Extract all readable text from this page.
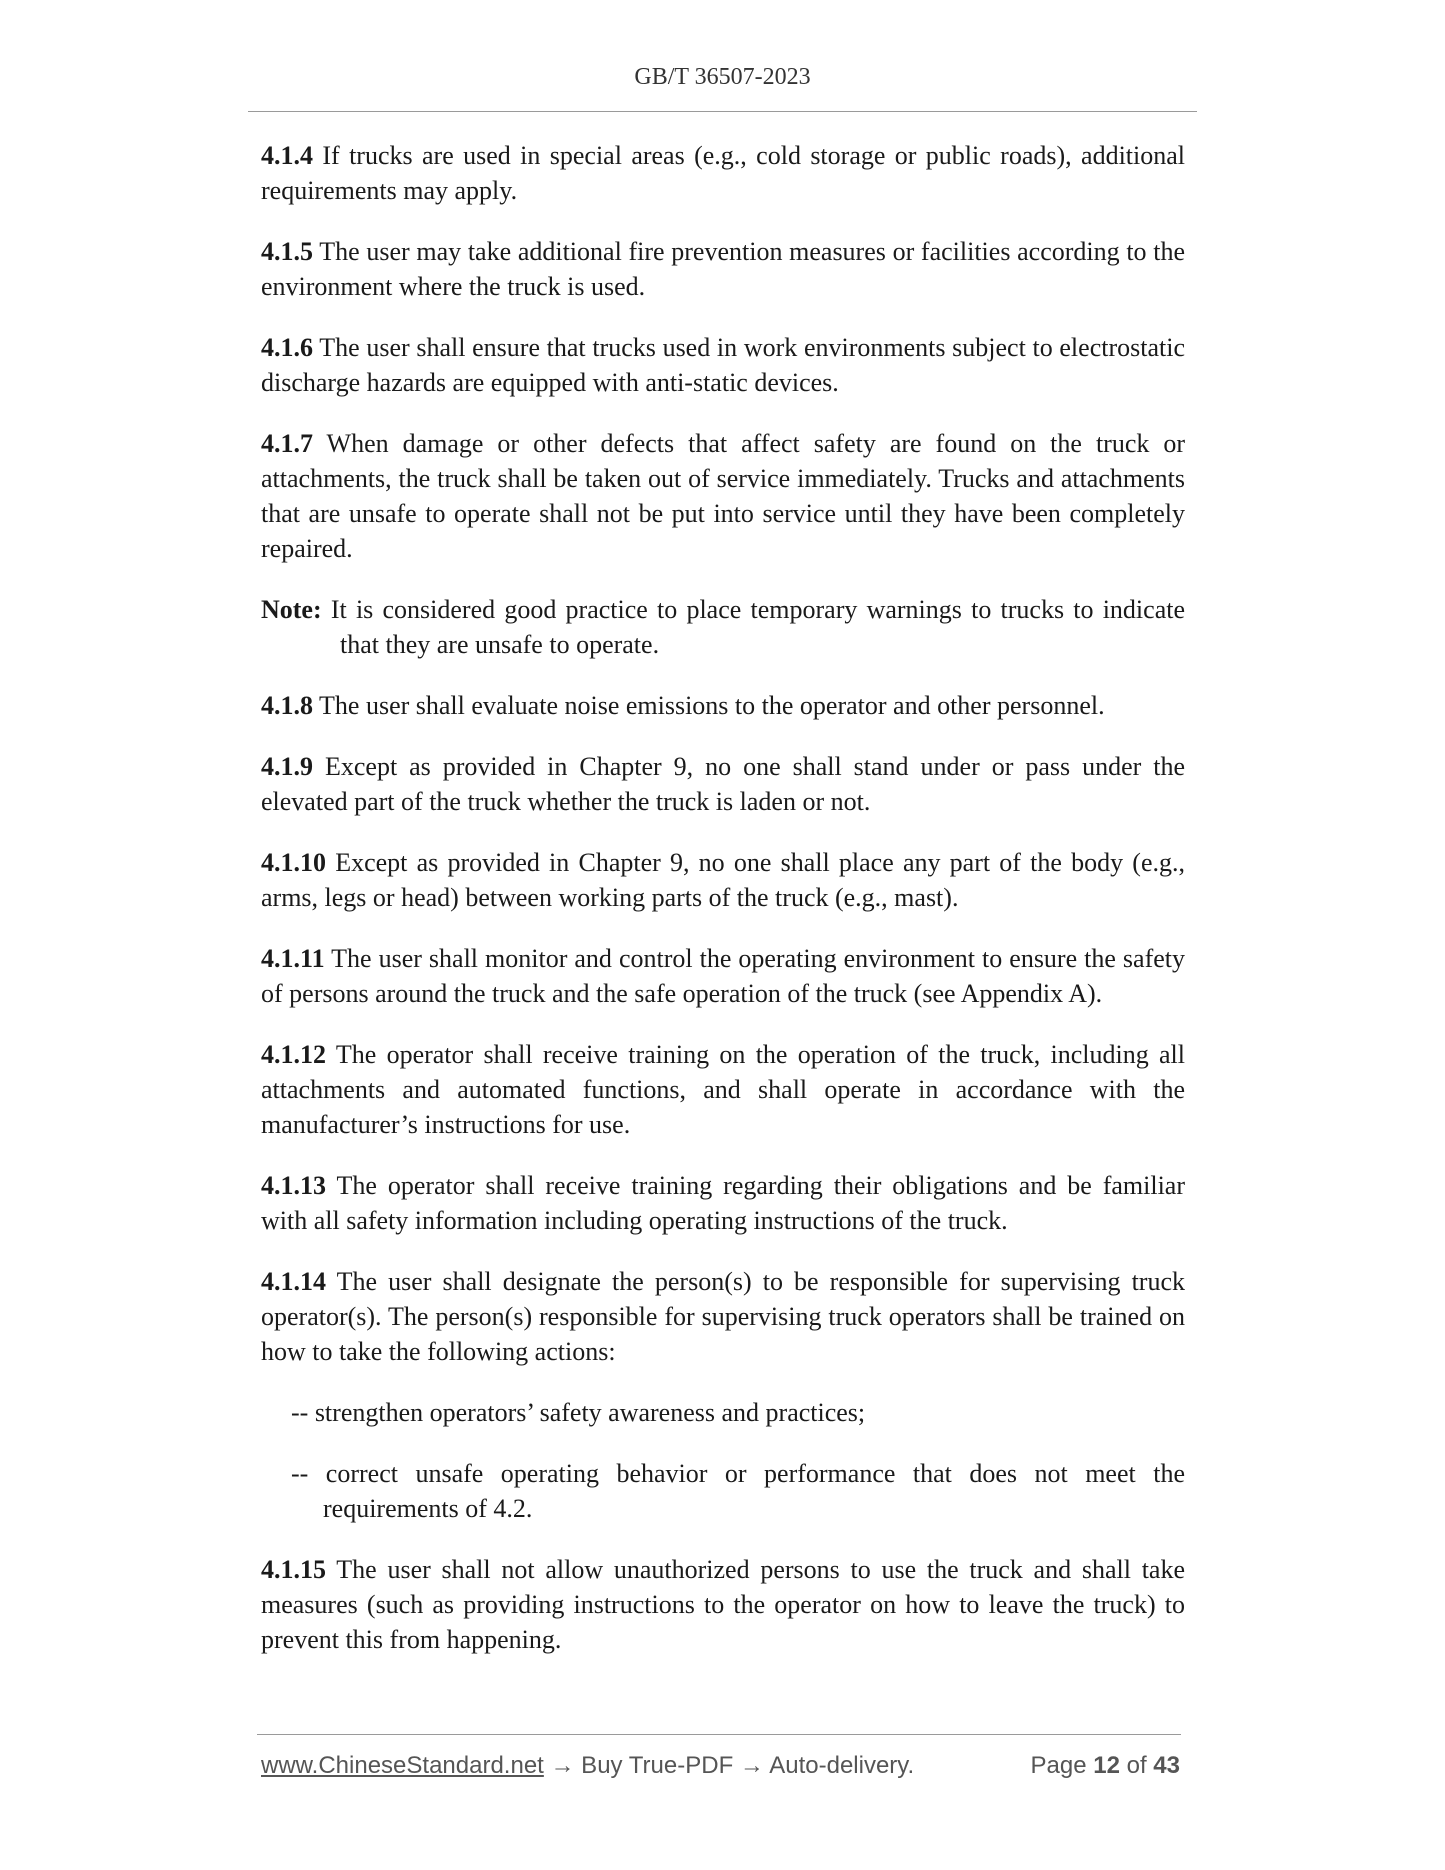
GB/T 36507-2023

4.1.4 If trucks are used in special areas (e.g., cold storage or public roads), additional requirements may apply.

4.1.5 The user may take additional fire prevention measures or facilities according to the environment where the truck is used.

4.1.6 The user shall ensure that trucks used in work environments subject to electrostatic discharge hazards are equipped with anti-static devices.

4.1.7 When damage or other defects that affect safety are found on the truck or attachments, the truck shall be taken out of service immediately. Trucks and attachments that are unsafe to operate shall not be put into service until they have been completely repaired.

Note: It is considered good practice to place temporary warnings to trucks to indicate that they are unsafe to operate.

4.1.8 The user shall evaluate noise emissions to the operator and other personnel.

4.1.9 Except as provided in Chapter 9, no one shall stand under or pass under the elevated part of the truck whether the truck is laden or not.

4.1.10 Except as provided in Chapter 9, no one shall place any part of the body (e.g., arms, legs or head) between working parts of the truck (e.g., mast).

4.1.11 The user shall monitor and control the operating environment to ensure the safety of persons around the truck and the safe operation of the truck (see Appendix A).

4.1.12 The operator shall receive training on the operation of the truck, including all attachments and automated functions, and shall operate in accordance with the manufacturer’s instructions for use.

4.1.13 The operator shall receive training regarding their obligations and be familiar with all safety information including operating instructions of the truck.

4.1.14 The user shall designate the person(s) to be responsible for supervising truck operator(s). The person(s) responsible for supervising truck operators shall be trained on how to take the following actions:

-- strengthen operators’ safety awareness and practices;

-- correct unsafe operating behavior or performance that does not meet the requirements of 4.2.

4.1.15 The user shall not allow unauthorized persons to use the truck and shall take measures (such as providing instructions to the operator on how to leave the truck) to prevent this from happening.

www.ChineseStandard.net → Buy True-PDF → Auto-delivery.	Page 12 of 43
